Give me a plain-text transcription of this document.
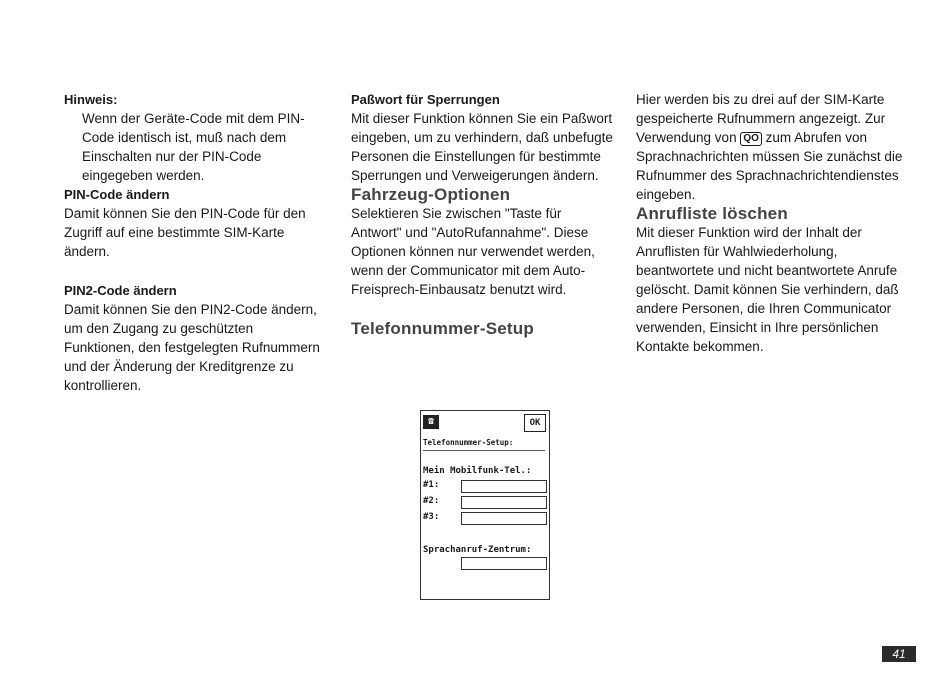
Hinweis:

Wenn der Geräte-Code mit dem PIN-Code identisch ist, muß nach dem Einschalten nur der PIN-Code eingegeben werden.

PIN-Code ändern

Damit können Sie den PIN-Code für den Zugriff auf eine bestimmte SIM-Karte ändern.

PIN2-Code ändern

Damit können Sie den PIN2-Code ändern, um den Zugang zu geschützten Funktionen, den festgelegten Rufnummern und der Änderung der Kreditgrenze zu kontrollieren.

Paßwort für Sperrungen

Mit dieser Funktion können Sie ein Paßwort eingeben, um zu verhindern, daß unbefugte Personen die Einstellungen für bestimmte Sperrungen und Verweigerungen ändern.

Fahrzeug-Optionen

Selektieren Sie zwischen "Taste für Antwort" und "AutoRufannahme". Diese Optionen können nur verwendet werden, wenn der Communicator mit dem Auto-Freisprech-Einbausatz benutzt wird.

Telefonnummer-Setup

☎	OK
Telefonnummer-Setup:
Mein Mobilfunk-Tel.:
#1:
#2:
#3:
Sprachanruf-Zentrum:

Hier werden bis zu drei auf der SIM-Karte gespeicherte Rufnummern angezeigt. Zur Verwendung von QO zum Abrufen von Sprachnachrichten müssen Sie zunächst die Rufnummer des Sprachnachrichtendienstes eingeben.

Anrufliste löschen

Mit dieser Funktion wird der Inhalt der Anruflisten für Wahlwiederholung, beantwortete und nicht beantwortete Anrufe gelöscht. Damit können Sie verhindern, daß andere Personen, die Ihren Communicator verwenden, Einsicht in Ihre persönlichen Kontakte bekommen.

41
